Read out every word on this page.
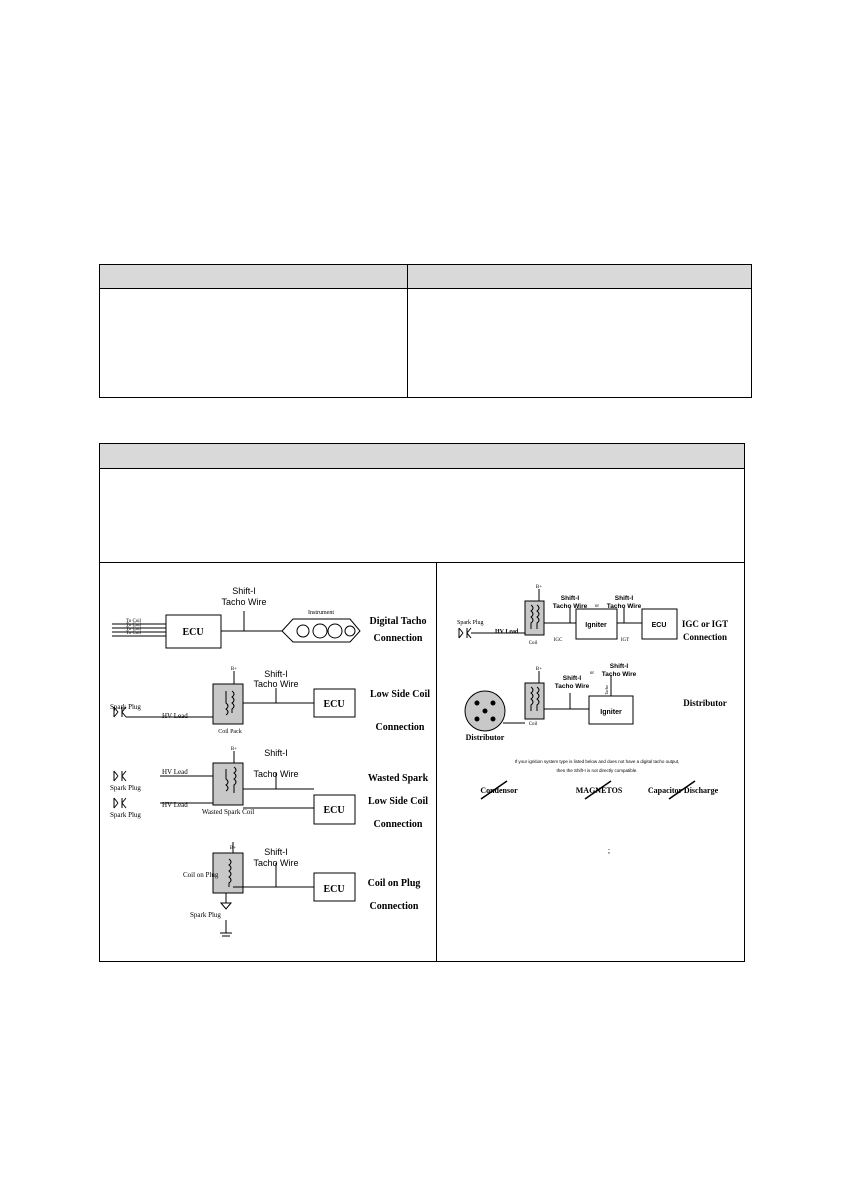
Shift-I
Tacho Wire
To Coil
To Coil
To Coil
To Coil	ECU
Instrument
Digital Tacho
Connection
Spark Plug
HV Lead
Coil Pack
B+	Shift-I
Tacho Wire
ECU
Low Side Coil
Connection
HV Lead
HV Lead
Spark Plug
Spark Plug	Wasted Spark Coil
B+	Shift-I
Tacho Wire
ECU
Wasted Spark
Low Side Coil
Connection
Coil on Plug
Spark Plug
B+	Shift-I
Tacho Wire
ECU
Coil on Plug
Connection
Spark Plug
HV Lead
Coil
B+
Shift-I
Tacho Wire or
Shift-I
Tacho Wire
IGC	IGT
Igniter	ECU IGC or IGT
Connection
Distributor
Coil
B+
Shift-I
Tacho Wire
or
Shift-I
Tacho Wire
Tacho
Igniter
Distributor
If your ignition system type is listed below and does not have a digital tacho output,
then the Shift-I is not directly compatible.
Condensor	MAGNETOS	Capacitor Discharge
;
